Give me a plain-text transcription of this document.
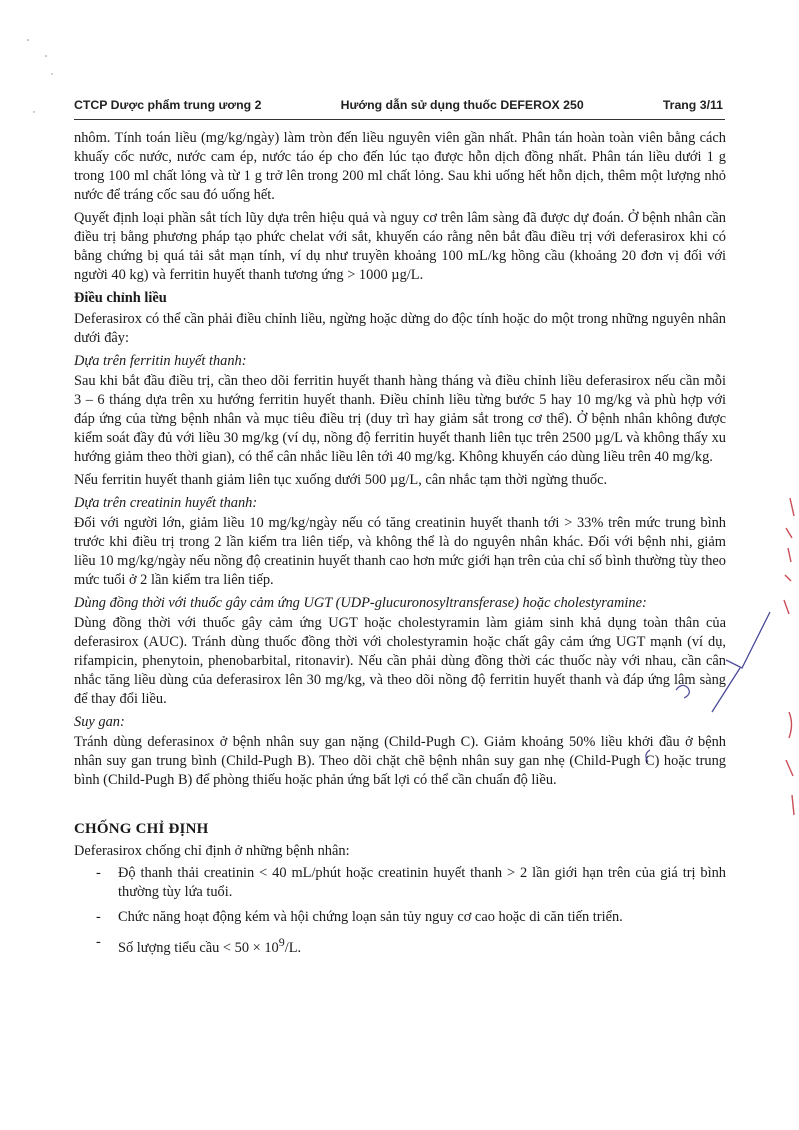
CTCP Dược phẩm trung ương 2	Hướng dẫn sử dụng thuốc DEFEROX 250	Trang 3/11

nhôm. Tính toán liều (mg/kg/ngày) làm tròn đến liều nguyên viên gần nhất. Phân tán hoàn toàn viên bằng cách khuấy cốc nước, nước cam ép, nước táo ép cho đến lúc tạo được hỗn dịch đồng nhất. Phân tán liều dưới 1 g trong 100 ml chất lỏng và từ 1 g trở lên trong 200 ml chất lỏng. Sau khi uống hết hỗn dịch, thêm một lượng nhỏ nước để tráng cốc sau đó uống hết.

Quyết định loại phần sắt tích lũy dựa trên hiệu quả và nguy cơ trên lâm sàng đã được dự đoán. Ở bệnh nhân cần điều trị bằng phương pháp tạo phức chelat với sắt, khuyến cáo rằng nên bắt đầu điều trị với deferasirox khi có bằng chứng bị quá tải sắt mạn tính, ví dụ như truyền khoảng 100 mL/kg hồng cầu (khoảng 20 đơn vị đối với người 40 kg) và ferritin huyết thanh tương ứng > 1000 µg/L.

Điều chỉnh liều

Deferasirox có thể cần phải điều chỉnh liều, ngừng hoặc dừng do độc tính hoặc do một trong những nguyên nhân dưới đây:

Dựa trên ferritin huyết thanh:

Sau khi bắt đầu điều trị, cần theo dõi ferritin huyết thanh hàng tháng và điều chỉnh liều deferasirox nếu cần mỗi 3 – 6 tháng dựa trên xu hướng ferritin huyết thanh. Điều chỉnh liều từng bước 5 hay 10 mg/kg và phù hợp với đáp ứng của từng bệnh nhân và mục tiêu điều trị (duy trì hay giảm sắt trong cơ thể). Ở bệnh nhân không được kiểm soát đầy đủ với liều 30 mg/kg (ví dụ, nồng độ ferritin huyết thanh liên tục trên 2500 µg/L và không thấy xu hướng giảm theo thời gian), có thể cân nhắc liều lên tới 40 mg/kg. Không khuyến cáo dùng liều trên 40 mg/kg.

Nếu ferritin huyết thanh giảm liên tục xuống dưới 500 µg/L, cân nhắc tạm thời ngừng thuốc.

Dựa trên creatinin huyết thanh:

Đối với người lớn, giảm liều 10 mg/kg/ngày nếu có tăng creatinin huyết thanh tới > 33% trên mức trung bình trước khi điều trị trong 2 lần kiểm tra liên tiếp, và không thể là do nguyên nhân khác. Đối với bệnh nhi, giảm liều 10 mg/kg/ngày nếu nồng độ creatinin huyết thanh cao hơn mức giới hạn trên của chỉ số bình thường tùy theo mức tuổi ở 2 lần kiểm tra liên tiếp.

Dùng đồng thời với thuốc gây cảm ứng UGT (UDP-glucuronosyltransferase) hoặc cholestyramine:

Dùng đồng thời với thuốc gây cảm ứng UGT hoặc cholestyramin làm giảm sinh khả dụng toàn thân của deferasirox (AUC). Tránh dùng thuốc đồng thời với cholestyramin hoặc chất gây cảm ứng UGT mạnh (ví dụ, rifampicin, phenytoin, phenobarbital, ritonavir). Nếu cần phải dùng đồng thời các thuốc này với nhau, cần cân nhắc tăng liều dùng của deferasirox lên 30 mg/kg, và theo dõi nồng độ ferritin huyết thanh và đáp ứng lâm sàng để thay đổi liều.

Suy gan:

Tránh dùng deferasinox ở bệnh nhân suy gan nặng (Child-Pugh C). Giảm khoảng 50% liều khởi đầu ở bệnh nhân suy gan trung bình (Child-Pugh B). Theo dõi chặt chẽ bệnh nhân suy gan nhẹ (Child-Pugh C) hoặc trung bình (Child-Pugh B) để phòng thiếu hoặc phản ứng bất lợi có thể cần chuẩn độ liều.

CHỐNG CHỈ ĐỊNH

Deferasirox chống chỉ định ở những bệnh nhân:

- Độ thanh thải creatinin < 40 mL/phút hoặc creatinin huyết thanh > 2 lần giới hạn trên của giá trị bình thường tùy lứa tuổi.
- Chức năng hoạt động kém và hội chứng loạn sản tủy nguy cơ cao hoặc di căn tiến triển.
- Số lượng tiểu cầu < $50 \times 10^9/L$.
